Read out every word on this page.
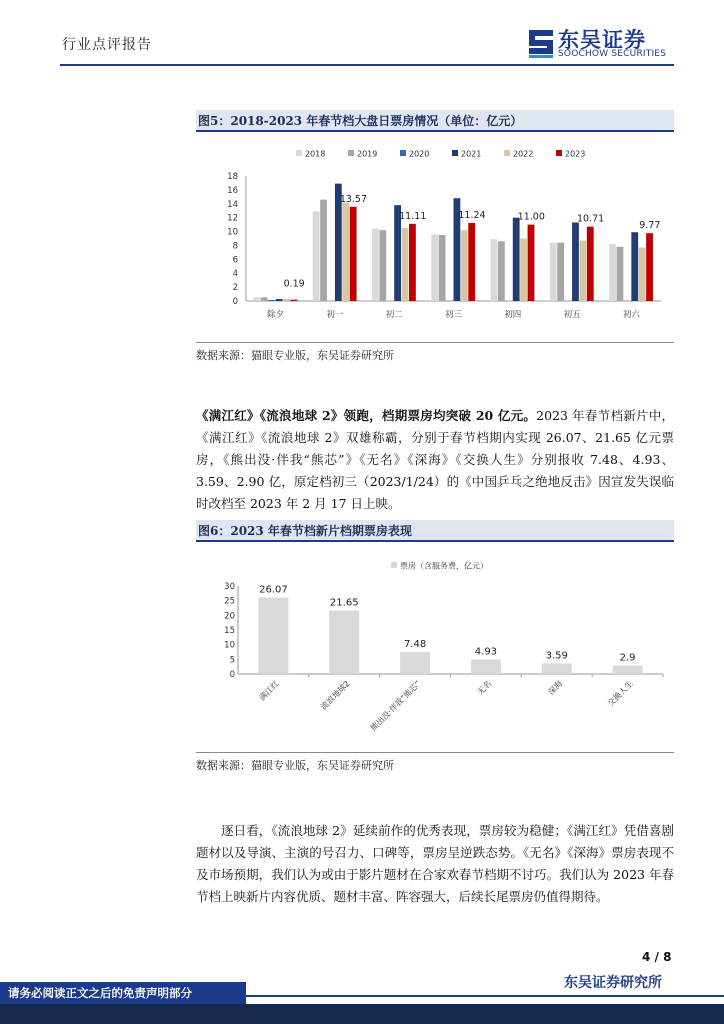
行业点评报告	东吴证券
SOOCHOW SECURITIES
图5：2018-2023 年春节档大盘日票房情况（单位：亿元）
2018	2019	2020	2021	2022	2023
0
2
4
6
8
10
12
14
16
18
0.19
除夕
13.57
初一
11.11
初二
11.24
初三
11.00
初四
10.71
初五
9.77
初六
数据来源：猫眼专业版，东吴证券研究所
《满江红》《流浪地球 2》领跑，档期票房均突破 20 亿元。2023 年春节档新片中，《满江红》《流浪地球 2》双雄称霸，分别于春节档期内实现 26.07、21.65 亿元票房，《熊出没·伴我“熊芯”》《无名》《深海》《交换人生》分别报收 7.48、4.93、3.59、2.90 亿，原定档初三（2023/1/24）的《中国乒乓之绝地反击》因宣发失误临时改档至 2023 年 2 月 17 日上映。
图6：2023 年春节档新片档期票房表现
票房（含服务费，亿元）
0
5
10
15
20
25
30 26.07
满江红
21.65
流浪地球2
7.48
熊出没·伴我“熊芯”
4.93
无名
3.59
深海
2.9
交换人生
数据来源：猫眼专业版，东吴证券研究所
逐日看，《流浪地球 2》延续前作的优秀表现，票房较为稳健；《满江红》凭借喜剧题材以及导演、主演的号召力、口碑等，票房呈逆跌态势。《无名》《深海》票房表现不及市场预期，我们认为或由于影片题材在合家欢春节档期不讨巧。我们认为 2023 年春节档上映新片内容优质、题材丰富、阵容强大，后续长尾票房仍值得期待。
4 / 8
东吴证券研究所
请务必阅读正文之后的免责声明部分
